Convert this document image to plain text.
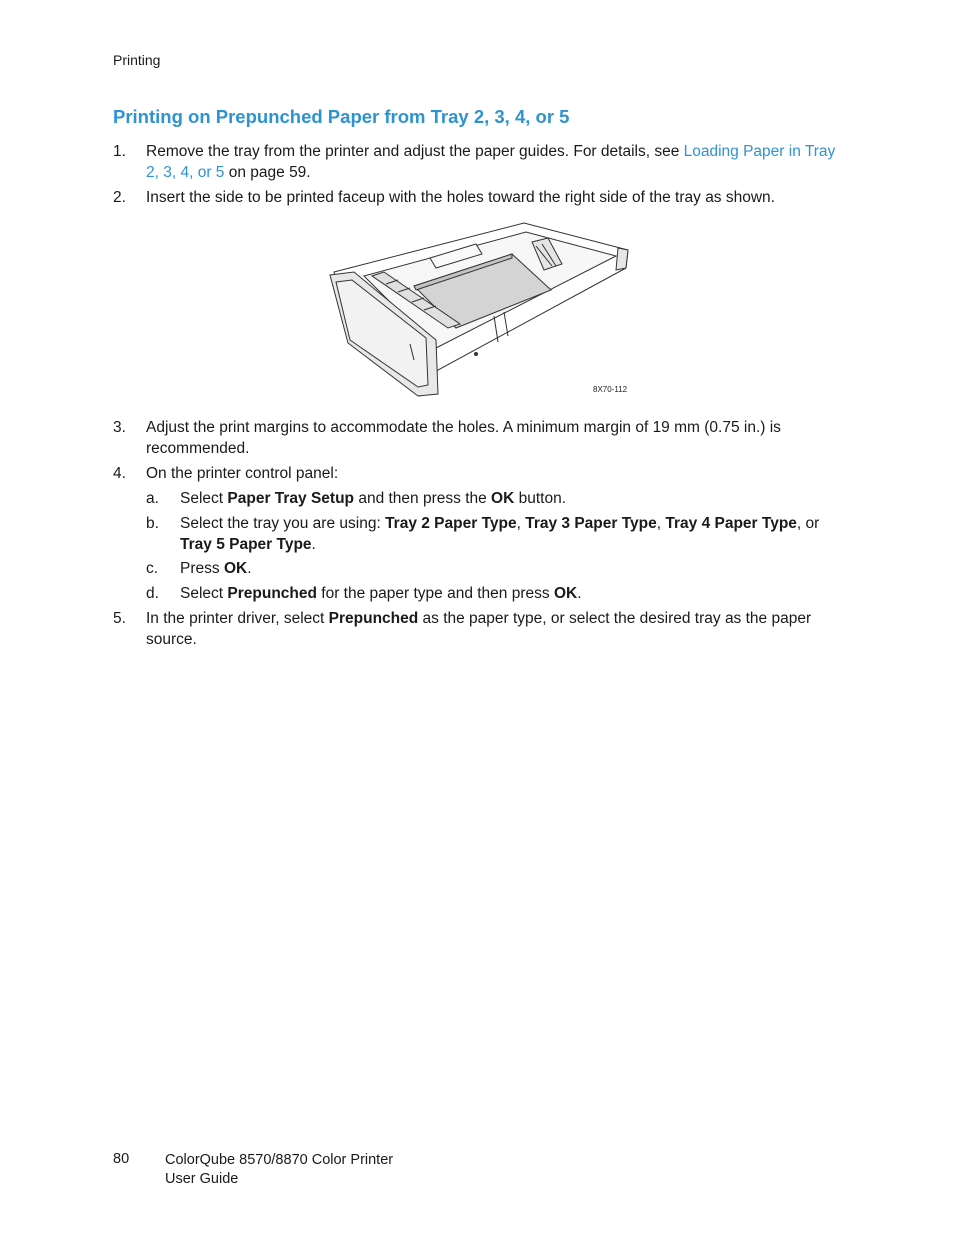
Printing
Printing on Prepunched Paper from Tray 2, 3, 4, or 5
1. Remove the tray from the printer and adjust the paper guides. For details, see Loading Paper in Tray 2, 3, 4, or 5 on page 59.
2. Insert the side to be printed faceup with the holes toward the right side of the tray as shown.
8X70-112
3. Adjust the print margins to accommodate the holes. A minimum margin of 19 mm (0.75 in.) is recommended.
4. On the printer control panel:
a. Select Paper Tray Setup and then press the OK button.
b. Select the tray you are using: Tray 2 Paper Type, Tray 3 Paper Type, Tray 4 Paper Type, or Tray 5 Paper Type.
c. Press OK.
d. Select Prepunched for the paper type and then press OK.
5. In the printer driver, select Prepunched as the paper type, or select the desired tray as the paper source.
80 ColorQube 8570/8870 Color Printer
User Guide
